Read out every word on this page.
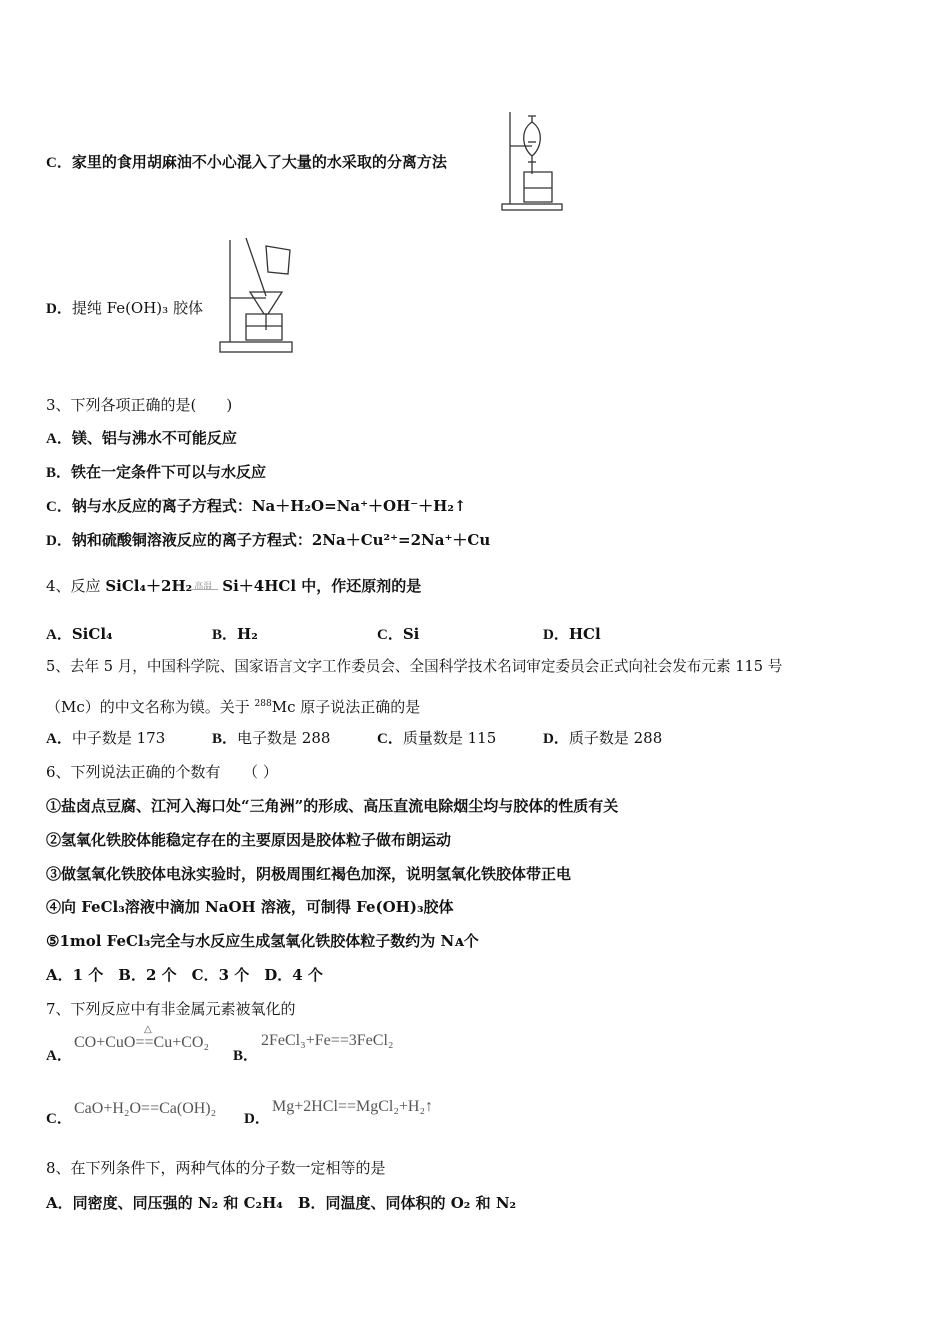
C．家里的食用胡麻油不小心混入了大量的水采取的分离方法
D．提纯 Fe(OH)₃ 胶体
3、下列各项正确的是(　　)
A．镁、铝与沸水不可能反应
B．铁在一定条件下可以与水反应
C．钠与水反应的离子方程式：Na＋H₂O=Na⁺＋OH⁻＋H₂↑
D．钠和硫酸铜溶液反应的离子方程式：2Na＋Cu²⁺=2Na⁺＋Cu
4、反应 SiCl₄＋2H₂ 高温 Si＋4HCl 中，作还原剂的是
A．SiCl₄	B．H₂	C．Si	D．HCl
5、去年 5 月，中国科学院、国家语言文字工作委员会、全国科学技术名词审定委员会正式向社会发布元素 115 号
（Mc）的中文名称为镆。关于 $^{288}$Mc 原子说法正确的是
A．中子数是 173	B．电子数是 288	C．质量数是 115	D．质子数是 288
6、下列说法正确的个数有　　（ ）
①盐卤点豆腐、江河入海口处“三角洲”的形成、高压直流电除烟尘均与胶体的性质有关
②氢氧化铁胶体能稳定存在的主要原因是胶体粒子做布朗运动
③做氢氧化铁胶体电泳实验时，阴极周围红褐色加深，说明氢氧化铁胶体带正电
④向 FeCl₃溶液中滴加 NaOH 溶液，可制得 Fe(OH)₃胶体
⑤1mol FeCl₃完全与水反应生成氢氧化铁胶体粒子数约为 Nᴀ个
A．1 个　B．2 个　C．3 个　D．4 个
7、下列反应中有非金属元素被氧化的
A．
CO+CuO==Cu+CO₂
△
B．
2FeCl₃+Fe==3FeCl₂
C．
CaO+H₂O==Ca(OH)₂
D．
Mg+2HCl==MgCl₂+H₂↑
8、在下列条件下，两种气体的分子数一定相等的是
A．同密度、同压强的 N₂ 和 C₂H₄　B．同温度、同体积的 O₂ 和 N₂
